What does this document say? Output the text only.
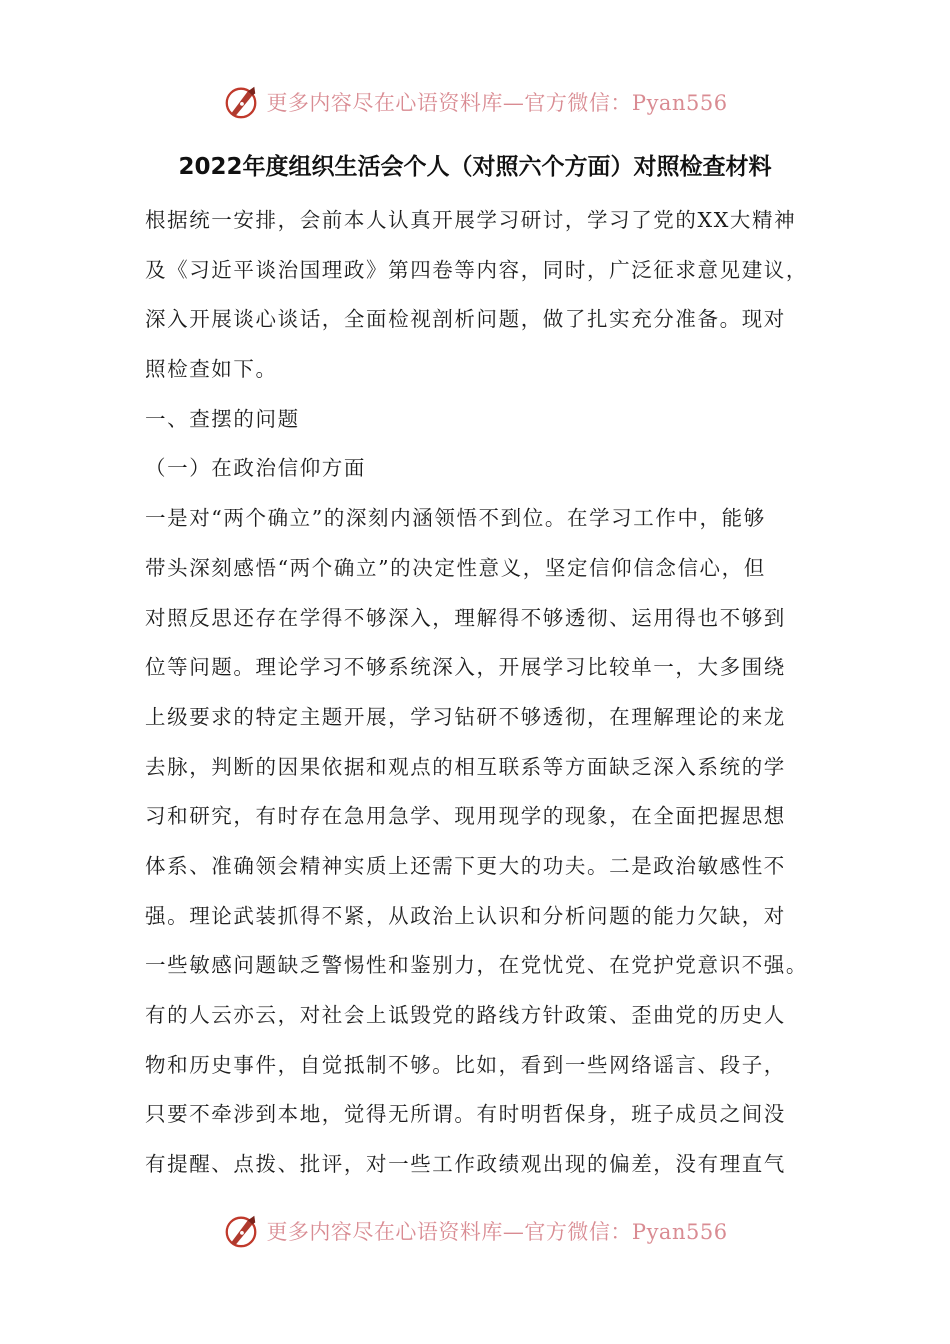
更多内容尽在心语资料库—官方微信：Pyan556
2022年度组织生活会个人（对照六个方面）对照检查材料
根据统一安排，会前本人认真开展学习研讨，学习了党的XX大精神
及《习近平谈治国理政》第四卷等内容，同时，广泛征求意见建议，
深入开展谈心谈话，全面检视剖析问题，做了扎实充分准备。现对
照检查如下。
一、查摆的问题
（一）在政治信仰方面
一是对“两个确立”的深刻内涵领悟不到位。在学习工作中，能够
带头深刻感悟“两个确立”的决定性意义，坚定信仰信念信心，但
对照反思还存在学得不够深入，理解得不够透彻、运用得也不够到
位等问题。理论学习不够系统深入，开展学习比较单一，大多围绕
上级要求的特定主题开展，学习钻研不够透彻，在理解理论的来龙
去脉，判断的因果依据和观点的相互联系等方面缺乏深入系统的学
习和研究，有时存在急用急学、现用现学的现象，在全面把握思想
体系、准确领会精神实质上还需下更大的功夫。二是政治敏感性不
强。理论武装抓得不紧，从政治上认识和分析问题的能力欠缺，对
一些敏感问题缺乏警惕性和鉴别力，在党忧党、在党护党意识不强。
有的人云亦云，对社会上诋毁党的路线方针政策、歪曲党的历史人
物和历史事件，自觉抵制不够。比如，看到一些网络谣言、段子，
只要不牵涉到本地，觉得无所谓。有时明哲保身，班子成员之间没
有提醒、点拨、批评，对一些工作政绩观出现的偏差，没有理直气
更多内容尽在心语资料库—官方微信：Pyan556
